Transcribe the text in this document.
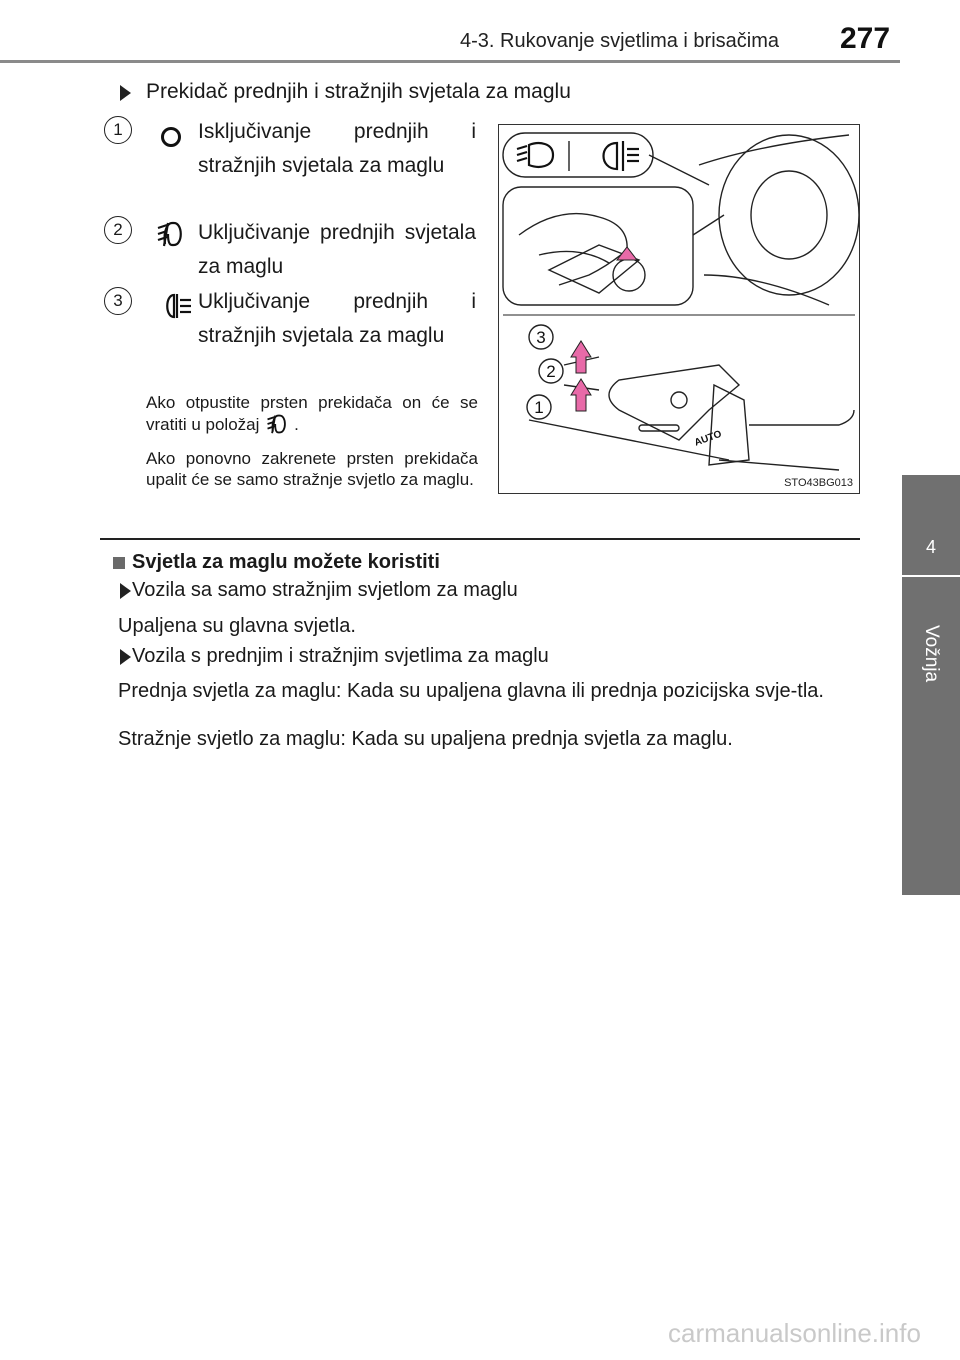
4-3. Rukovanje svjetlima i brisačima 277
4
Vožnja
Prekidač prednjih i stražnjih svjetala za maglu
1	Isključivanje prednjih i stražnjih svjetala za maglu
2	Uključivanje prednjih svjetala za maglu
3	Uključivanje prednjih i stražnjih svjetala za maglu
Ako otpustite prsten prekidača on će se vratiti u položaj .
Ako ponovno zakrenete prsten prekidača upalit će se samo stražnje svjetlo za maglu.
3
2
1
AUTO
STO43BG013
Svjetla za maglu možete koristiti
Vozila sa samo stražnjim svjetlom za maglu
Upaljena su glavna svjetla.
Vozila s prednjim i stražnjim svjetlima za maglu
Prednja svjetla za maglu: Kada su upaljena glavna ili prednja pozicijska svje-tla.
Stražnje svjetlo za maglu: Kada su upaljena prednja svjetla za maglu.
carmanualsonline.info
